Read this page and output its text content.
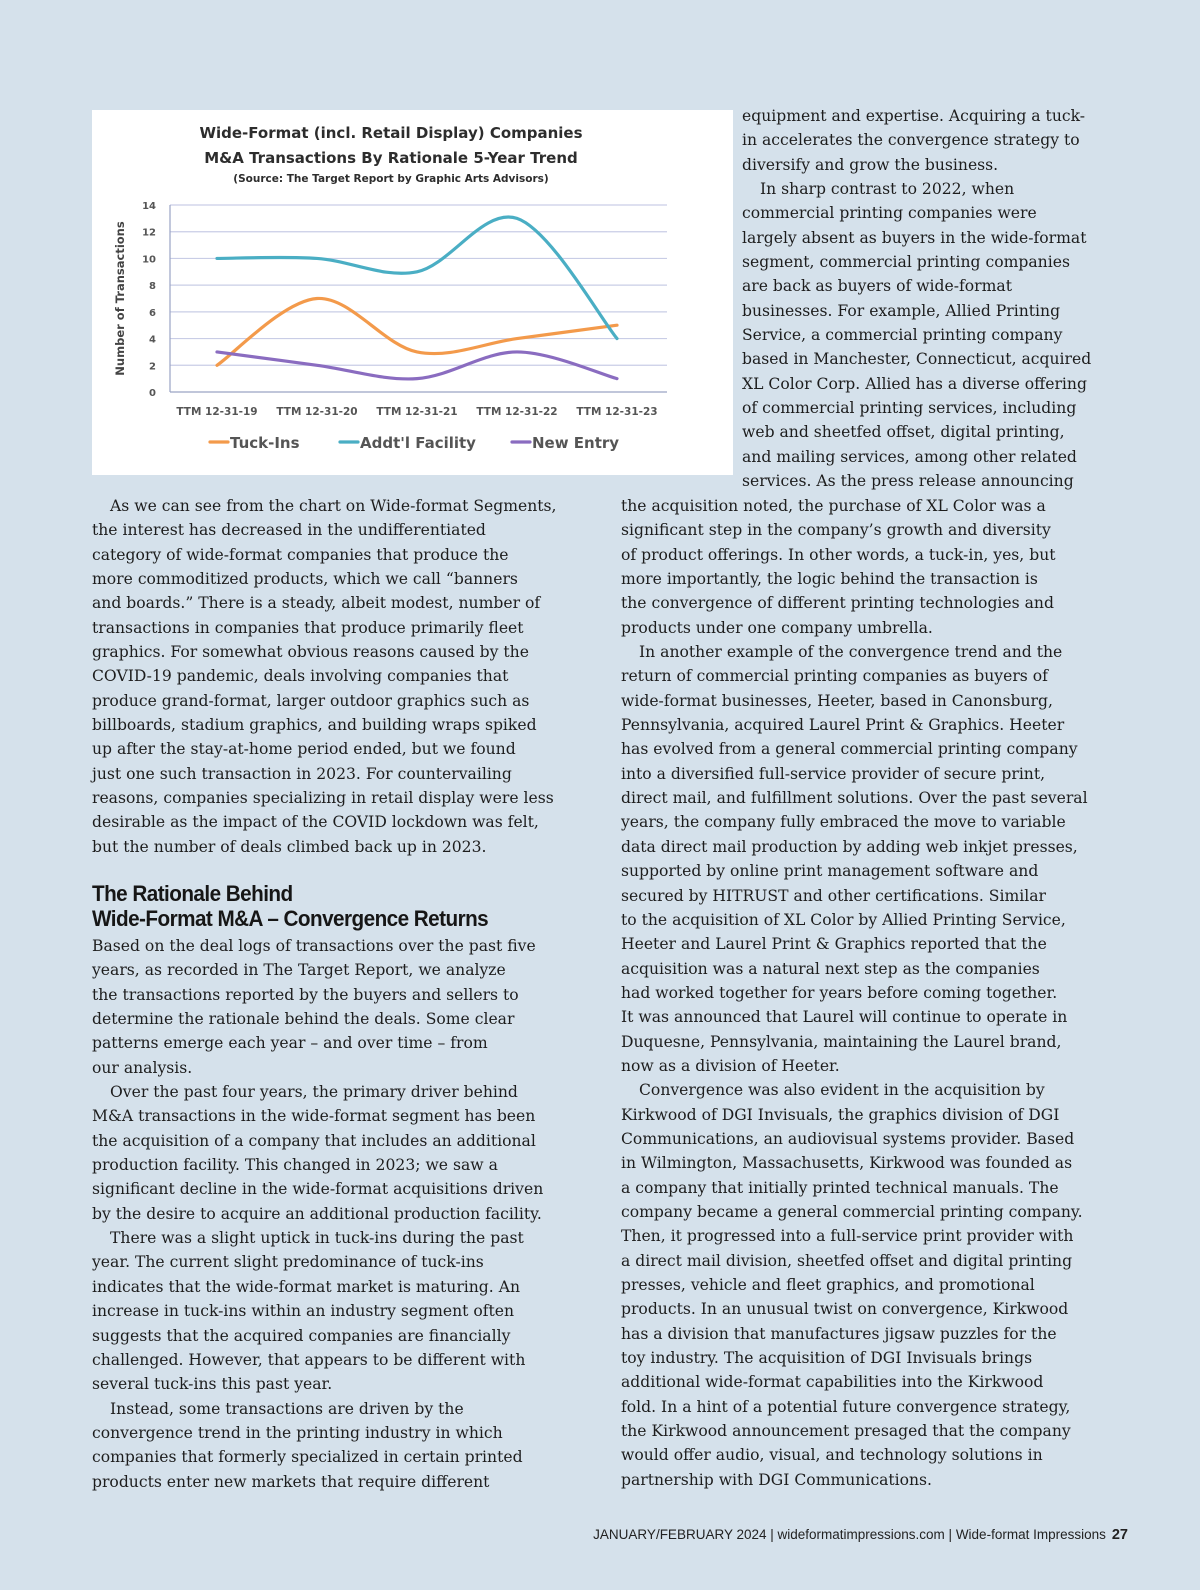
Wide-Format (incl. Retail Display) Companies
M&A Transactions By Rationale 5-Year Trend
(Source: The Target Report by Graphic Arts Advisors)
0
2
4
6
8
10
12
14
Number of Transactions
TTM 12-31-19 TTM 12-31-20 TTM 12-31-21 TTM 12-31-22 TTM 12-31-23
Tuck-Ins	Addt'l Facility	New Entry
equipment and expertise. Acquiring a tuck-
in accelerates the convergence strategy to
diversify and grow the business.
In sharp contrast to 2022, when
commercial printing companies were
largely absent as buyers in the wide-format
segment, commercial printing companies
are back as buyers of wide-format
businesses. For example, Allied Printing
Service, a commercial printing company
based in Manchester, Connecticut, acquired
XL Color Corp. Allied has a diverse offering
of commercial printing services, including
web and sheetfed offset, digital printing,
and mailing services, among other related
services. As the press release announcing
As we can see from the chart on Wide-format Segments,
the interest has decreased in the undifferentiated
category of wide-format companies that produce the
more commoditized products, which we call “banners
and boards.” There is a steady, albeit modest, number of
transactions in companies that produce primarily fleet
graphics. For somewhat obvious reasons caused by the
COVID-19 pandemic, deals involving companies that
produce grand-format, larger outdoor graphics such as
billboards, stadium graphics, and building wraps spiked
up after the stay-at-home period ended, but we found
just one such transaction in 2023. For countervailing
reasons, companies specializing in retail display were less
desirable as the impact of the COVID lockdown was felt,
but the number of deals climbed back up in 2023.
The Rationale Behind
Wide-Format M&A – Convergence Returns
Based on the deal logs of transactions over the past five
years, as recorded in The Target Report, we analyze
the transactions reported by the buyers and sellers to
determine the rationale behind the deals. Some clear
patterns emerge each year – and over time – from
our analysis.
Over the past four years, the primary driver behind
M&A transactions in the wide-format segment has been
the acquisition of a company that includes an additional
production facility. This changed in 2023; we saw a
significant decline in the wide-format acquisitions driven
by the desire to acquire an additional production facility.
There was a slight uptick in tuck-ins during the past
year. The current slight predominance of tuck-ins
indicates that the wide-format market is maturing. An
increase in tuck-ins within an industry segment often
suggests that the acquired companies are financially
challenged. However, that appears to be different with
several tuck-ins this past year.
Instead, some transactions are driven by the
convergence trend in the printing industry in which
companies that formerly specialized in certain printed
products enter new markets that require different
the acquisition noted, the purchase of XL Color was a
significant step in the company’s growth and diversity
of product offerings. In other words, a tuck-in, yes, but
more importantly, the logic behind the transaction is
the convergence of different printing technologies and
products under one company umbrella.
In another example of the convergence trend and the
return of commercial printing companies as buyers of
wide-format businesses, Heeter, based in Canonsburg,
Pennsylvania, acquired Laurel Print & Graphics. Heeter
has evolved from a general commercial printing company
into a diversified full-service provider of secure print,
direct mail, and fulfillment solutions. Over the past several
years, the company fully embraced the move to variable
data direct mail production by adding web inkjet presses,
supported by online print management software and
secured by HITRUST and other certifications. Similar
to the acquisition of XL Color by Allied Printing Service,
Heeter and Laurel Print & Graphics reported that the
acquisition was a natural next step as the companies
had worked together for years before coming together.
It was announced that Laurel will continue to operate in
Duquesne, Pennsylvania, maintaining the Laurel brand,
now as a division of Heeter.
Convergence was also evident in the acquisition by
Kirkwood of DGI Invisuals, the graphics division of DGI
Communications, an audiovisual systems provider. Based
in Wilmington, Massachusetts, Kirkwood was founded as
a company that initially printed technical manuals. The
company became a general commercial printing company.
Then, it progressed into a full-service print provider with
a direct mail division, sheetfed offset and digital printing
presses, vehicle and fleet graphics, and promotional
products. In an unusual twist on convergence, Kirkwood
has a division that manufactures jigsaw puzzles for the
toy industry. The acquisition of DGI Invisuals brings
additional wide-format capabilities into the Kirkwood
fold. In a hint of a potential future convergence strategy,
the Kirkwood announcement presaged that the company
would offer audio, visual, and technology solutions in
partnership with DGI Communications.
JANUARY/FEBRUARY 2024 | wideformatimpressions.com | Wide-format Impressions 27
